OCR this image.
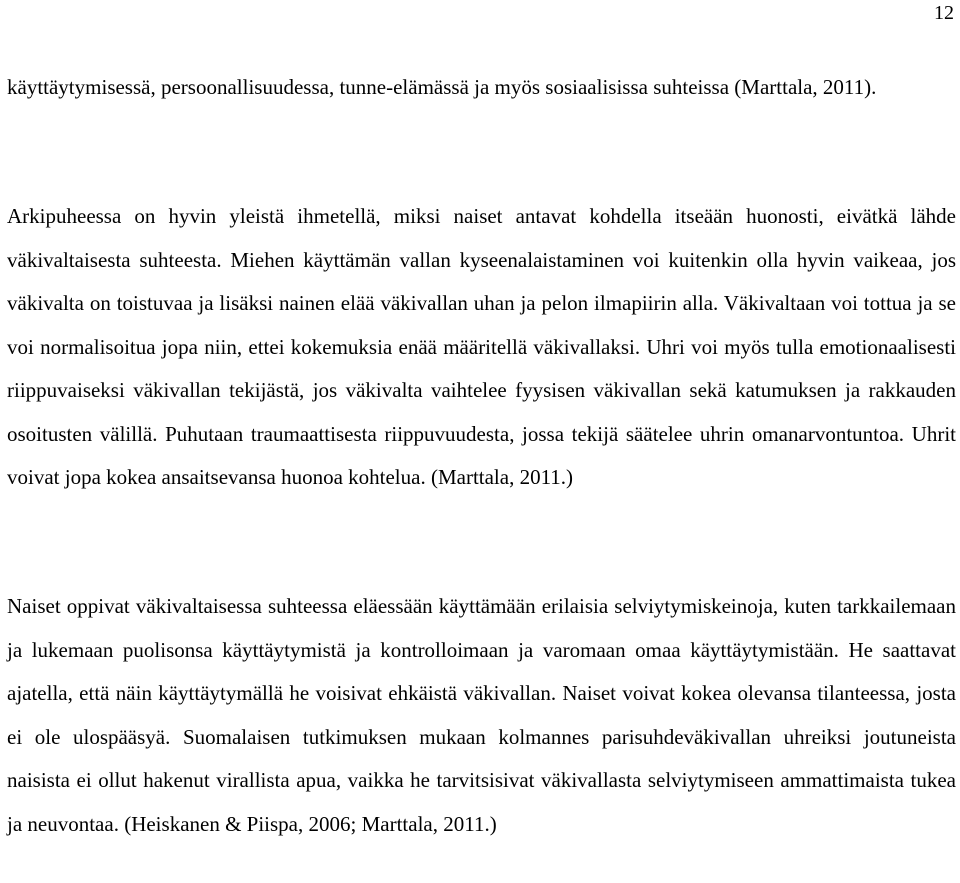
12

käyttäytymisessä, persoonallisuudessa, tunne-elämässä ja myös sosiaalisissa suhteissa (Marttala, 2011).

Arkipuheessa on hyvin yleistä ihmetellä, miksi naiset antavat kohdella itseään huonosti, eivätkä lähde väkivaltaisesta suhteesta. Miehen käyttämän vallan kyseenalaistaminen voi kuitenkin olla hyvin vaikeaa, jos väkivalta on toistuvaa ja lisäksi nainen elää väkivallan uhan ja pelon ilmapiirin alla. Väkivaltaan voi tottua ja se voi normalisoitua jopa niin, ettei kokemuksia enää määritellä väkivallaksi. Uhri voi myös tulla emotionaalisesti riippuvaiseksi väkivallan tekijästä, jos väkivalta vaihtelee fyysisen väkivallan sekä katumuksen ja rakkauden osoitusten välillä. Puhutaan traumaattisesta riippuvuudesta, jossa tekijä säätelee uhrin omanarvontuntoa. Uhrit voivat jopa kokea ansaitsevansa huonoa kohtelua. (Marttala, 2011.)

Naiset oppivat väkivaltaisessa suhteessa eläessään käyttämään erilaisia selviytymiskeinoja, kuten tarkkailemaan ja lukemaan puolisonsa käyttäytymistä ja kontrolloimaan ja varomaan omaa käyttäytymistään. He saattavat ajatella, että näin käyttäytymällä he voisivat ehkäistä väkivallan. Naiset voivat kokea olevansa tilanteessa, josta ei ole ulospääsyä. Suomalaisen tutkimuksen mukaan kolmannes parisuhdeväkivallan uhreiksi joutuneista naisista ei ollut hakenut virallista apua, vaikka he tarvitsisivat väkivallasta selviytymiseen ammattimaista tukea ja neuvontaa. (Heiskanen & Piispa, 2006; Marttala, 2011.)
